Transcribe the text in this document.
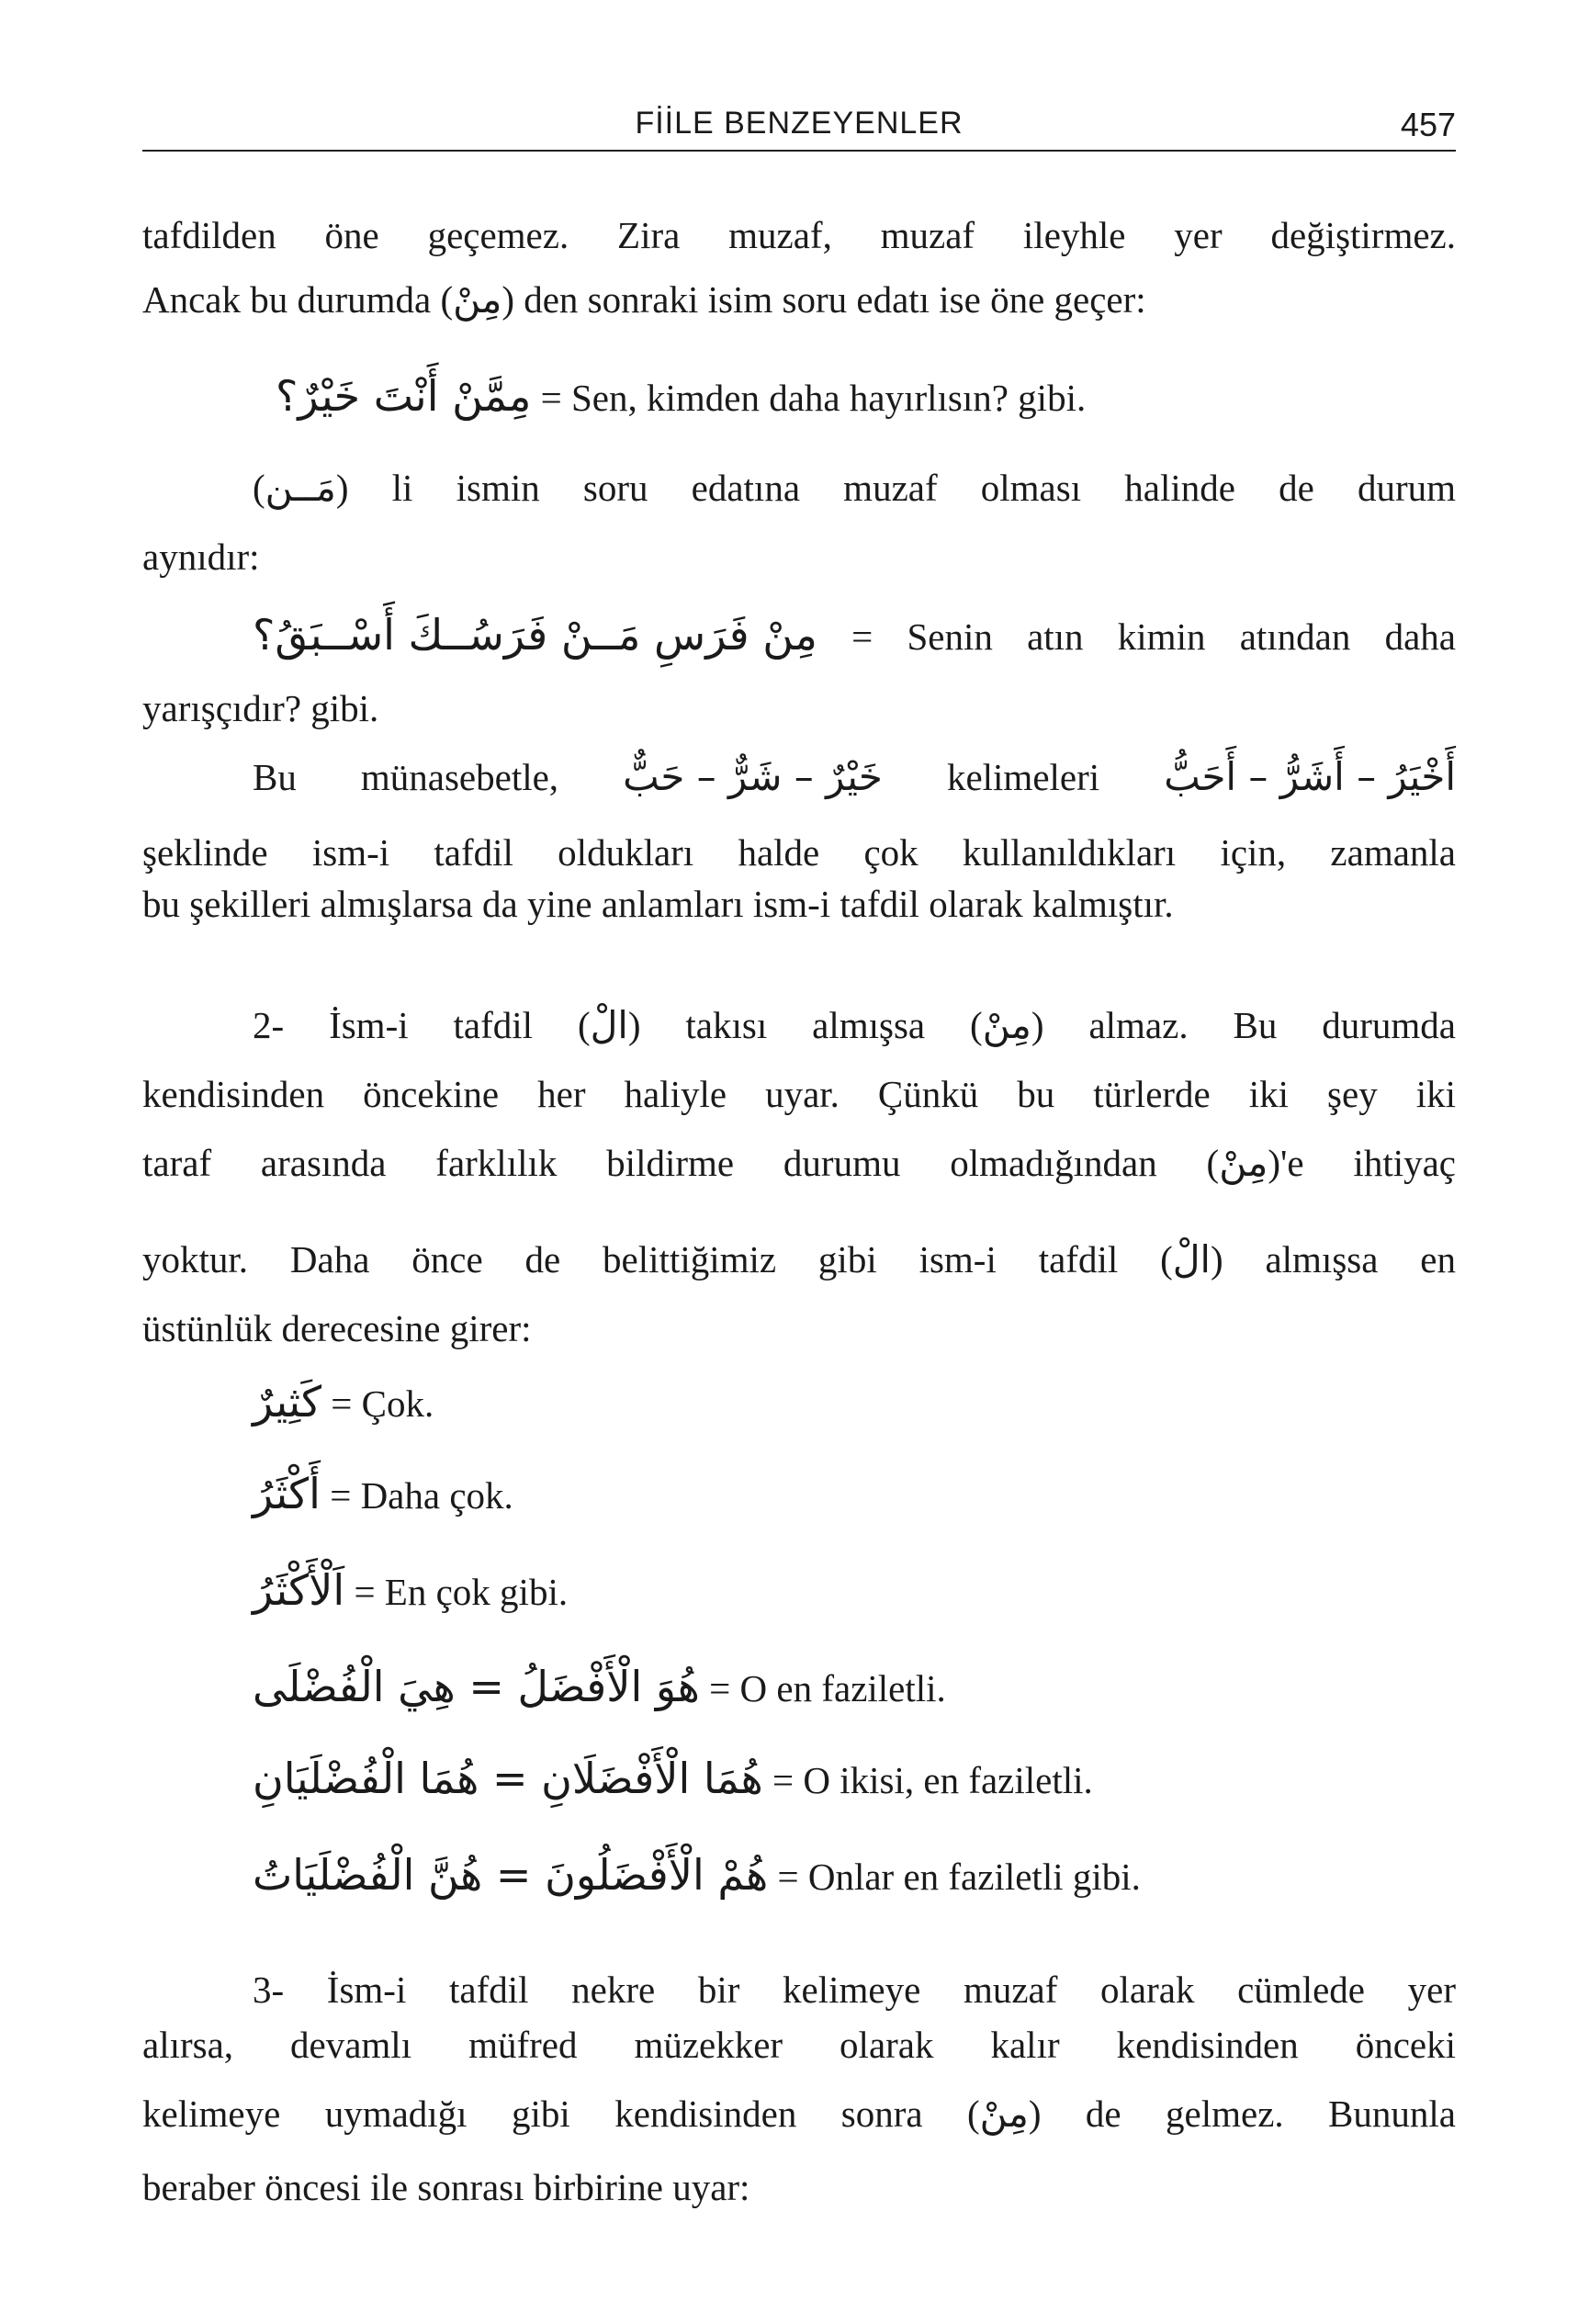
FİİLE BENZEYENLER	457
tafdilden öne geçemez. Zira muzaf, muzaf ileyhle yer değiştirmez.
Ancak bu durumda (مِنْ) den sonraki isim soru edatı ise öne geçer:
مِمَّنْ أَنْتَ خَيْرٌ؟ = Sen, kimden daha hayırlısın? gibi.
(مَــن) li ismin soru edatına muzaf olması halinde de durum
aynıdır:
مِنْ فَرَسِ مَــنْ فَرَسُــكَ أَسْــبَقُ؟ = Senin atın kimin atından daha
yarışçıdır? gibi.
Bu münasebetle, خَيْرٌ – شَرٌّ – حَبٌّ kelimeleri أَخْيَرُ – أَشَرُّ – أَحَبُّ
şeklinde ism-i tafdil oldukları halde çok kullanıldıkları için, zamanla
bu şekilleri almışlarsa da yine anlamları ism-i tafdil olarak kalmıştır.
2- İsm-i tafdil (الْ) takısı almışsa (مِنْ) almaz. Bu durumda
kendisinden öncekine her haliyle uyar. Çünkü bu türlerde iki şey iki
taraf arasında farklılık bildirme durumu olmadığından (مِنْ)'e ihtiyaç
yoktur. Daha önce de belittiğimiz gibi ism-i tafdil (الْ) almışsa en
üstünlük derecesine girer:
كَثِيرٌ = Çok.
أَكْثَرُ = Daha çok.
اَلْأَكْثَرُ = En çok gibi.
هُوَ الْأَفْضَلُ = هِيَ الْفُضْلَى = O en faziletli.
هُمَا الْأَفْضَلَانِ = هُمَا الْفُضْلَيَانِ = O ikisi, en faziletli.
هُمْ الْأَفْضَلُونَ = هُنَّ الْفُضْلَيَاتُ = Onlar en faziletli gibi.
3- İsm-i tafdil nekre bir kelimeye muzaf olarak cümlede yer
alırsa, devamlı müfred müzekker olarak kalır kendisinden önceki
kelimeye uymadığı gibi kendisinden sonra (مِنْ) de gelmez. Bununla
beraber öncesi ile sonrası birbirine uyar:
